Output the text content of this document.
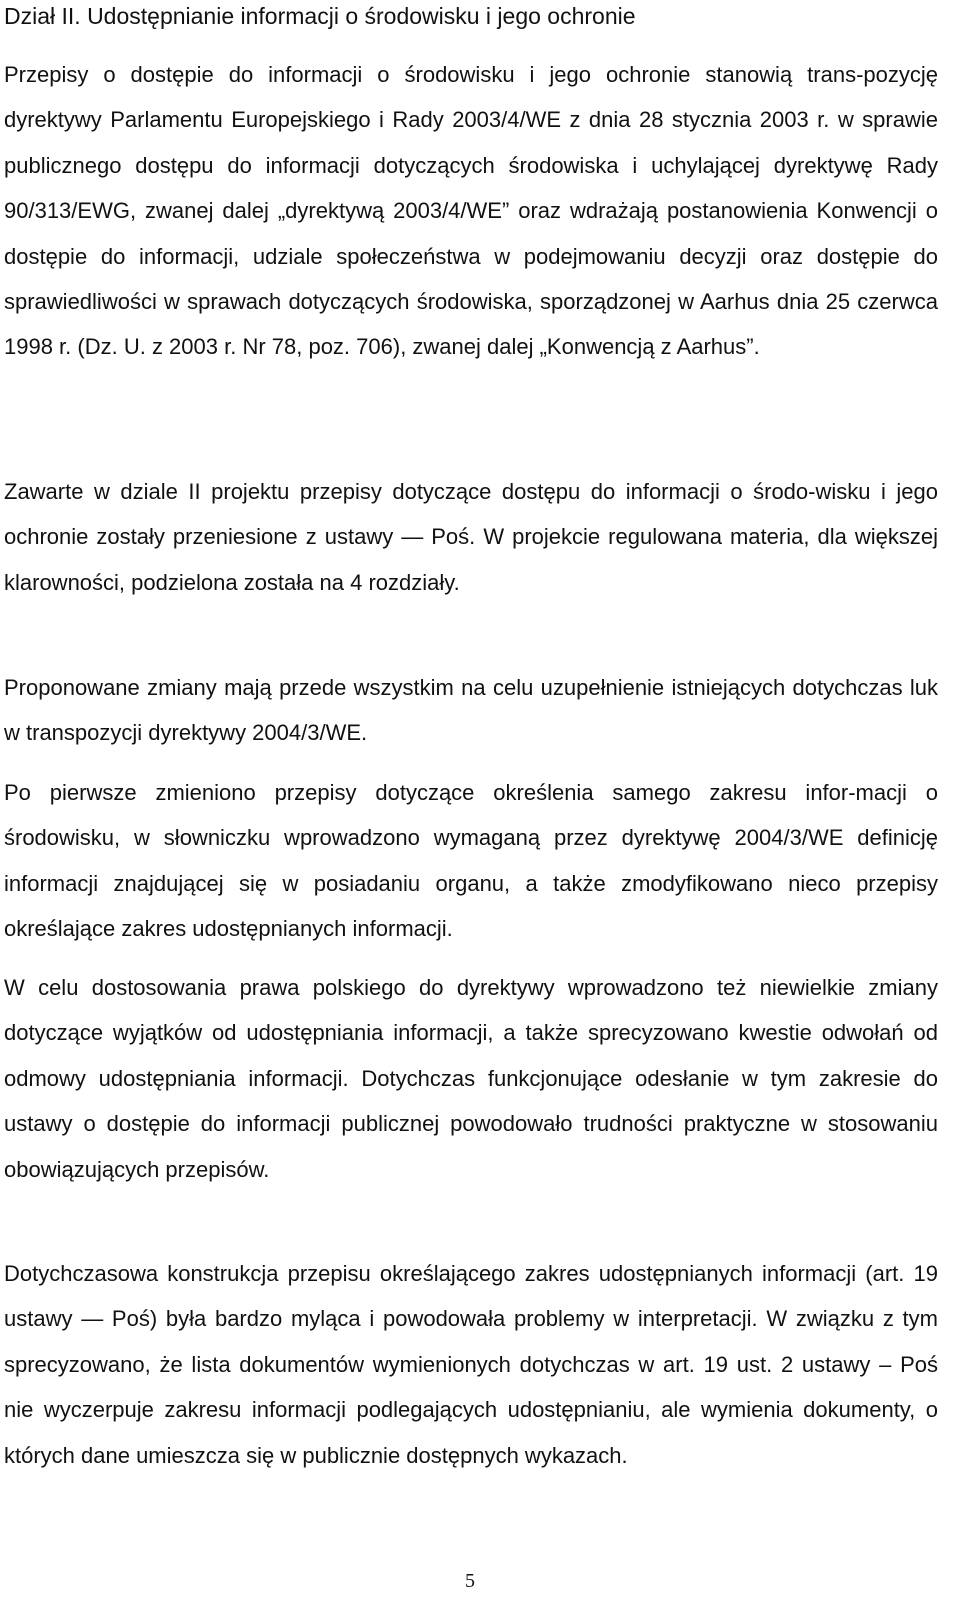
Dział II. Udostępnianie informacji o środowisku i jego ochronie

Przepisy o dostępie do informacji o środowisku i jego ochronie stanowią trans-pozycję dyrektywy Parlamentu Europejskiego i Rady 2003/4/WE z dnia 28 stycznia 2003 r. w sprawie publicznego dostępu do informacji dotyczących środowiska i uchylającej dyrektywę Rady 90/313/EWG, zwanej dalej „dyrektywą 2003/4/WE” oraz wdrażają postanowienia Konwencji o dostępie do informacji, udziale społeczeństwa w podejmowaniu decyzji oraz dostępie do sprawiedliwości w sprawach dotyczących środowiska, sporządzonej w Aarhus dnia 25 czerwca 1998 r. (Dz. U. z 2003 r. Nr 78, poz. 706), zwanej dalej „Konwencją z Aarhus”.

Zawarte w dziale II projektu przepisy dotyczące dostępu do informacji o środo-wisku i jego ochronie zostały przeniesione z ustawy — Poś. W projekcie regulowana materia, dla większej klarowności, podzielona została na 4 rozdziały.

Proponowane zmiany mają przede wszystkim na celu uzupełnienie istniejących dotychczas luk w transpozycji dyrektywy 2004/3/WE.

Po pierwsze zmieniono przepisy dotyczące określenia samego zakresu infor-macji o środowisku, w słowniczku wprowadzono wymaganą przez dyrektywę 2004/3/WE definicję informacji znajdującej się w posiadaniu organu, a także zmodyfikowano nieco przepisy określające zakres udostępnianych informacji.

W celu dostosowania prawa polskiego do dyrektywy wprowadzono też niewielkie zmiany dotyczące wyjątków od udostępniania informacji, a także sprecyzowano kwestie odwołań od odmowy udostępniania informacji. Dotychczas funkcjonujące odesłanie w tym zakresie do ustawy o dostępie do informacji publicznej powodowało trudności praktyczne w stosowaniu obowiązujących przepisów.

Dotychczasowa konstrukcja przepisu określającego zakres udostępnianych informacji (art. 19 ustawy — Poś) była bardzo myląca i powodowała problemy w interpretacji. W związku z tym sprecyzowano, że lista dokumentów wymienionych dotychczas w art. 19 ust. 2 ustawy – Poś nie wyczerpuje zakresu informacji podlegających udostępnianiu, ale wymienia dokumenty, o których dane umieszcza się w publicznie dostępnych wykazach.

5
